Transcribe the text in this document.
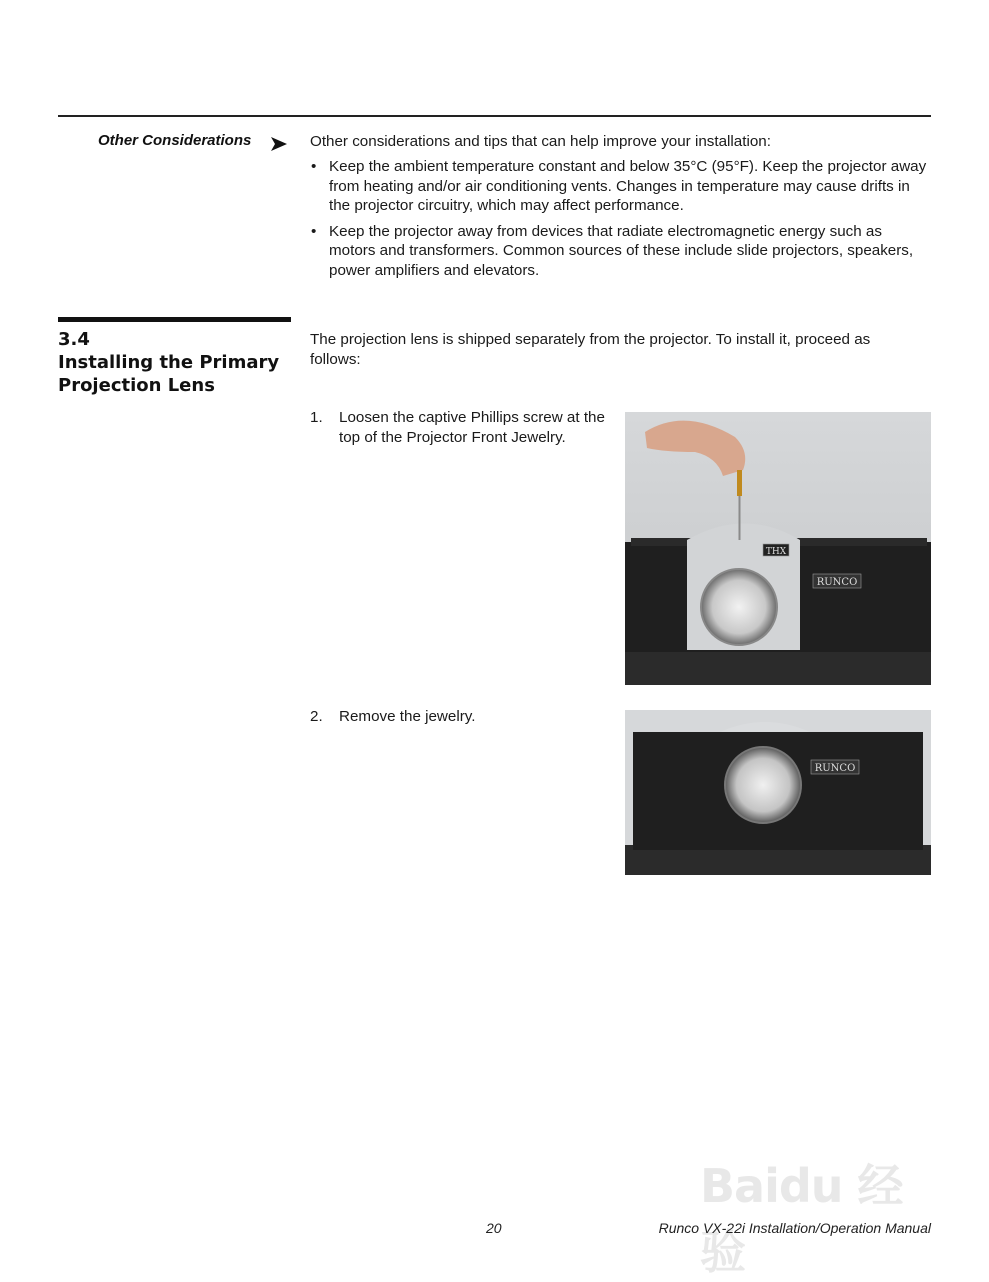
Other Considerations	Other considerations and tips that can help improve your installation:
• Keep the ambient temperature constant and below 35°C (95°F). Keep the projector away from heating and/or air conditioning vents. Changes in temperature may cause drifts in the projector circuitry, which may affect performance.
• Keep the projector away from devices that radiate electromagnetic energy such as motors and transformers. Common sources of these include slide projectors, speakers, power amplifiers and elevators.
3.4
Installing the Primary
Projection Lens
The projection lens is shipped separately from the projector. To install it, proceed as follows:
1. Loosen the captive Phillips screw at the top of the Projector Front Jewelry.
THX
RUNCO
2. Remove the jewelry.
RUNCO
Baidu 经验
20	Runco VX-22i Installation/Operation Manual
